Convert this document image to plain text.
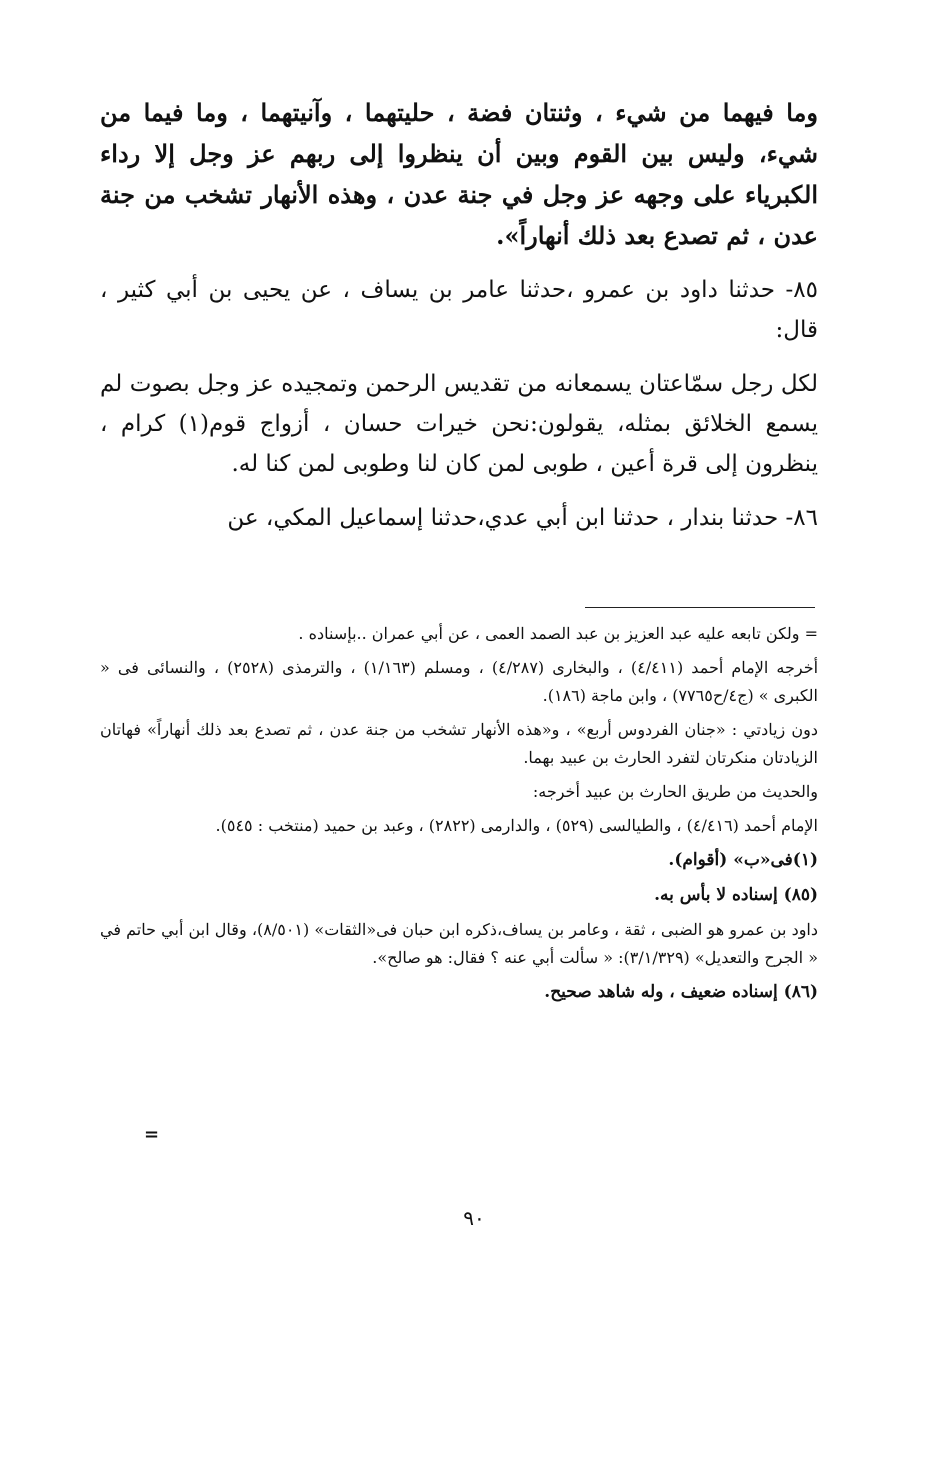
وما فيهما من شيء ، وثنتان فضة ، حليتهما ، وآنيتهما ، وما فيما من شيء، وليس بين القوم وبين أن ينظروا إلى ربهم عز وجل إلا رداء الكبرياء على وجهه عز وجل في جنة عدن ، وهذه الأنهار تشخب من جنة عدن ، ثم تصدع بعد ذلك أنهاراً».

٨٥- حدثنا داود بن عمرو ،حدثنا عامر بن يساف ، عن يحيى بن أبي كثير ، قال:

لكل رجل سمّاعتان يسمعانه من تقديس الرحمن وتمجيده عز وجل بصوت لم يسمع الخلائق بمثله، يقولون:نحن خيرات حسان ، أزواج قوم(١) كرام ، ينظرون إلى قرة أعين ، طوبى لمن كان لنا وطوبى لمن كنا له.

٨٦- حدثنا بندار ، حدثنا ابن أبي عدي،حدثنا إسماعيل المكي، عن

= ولكن تابعه عليه عبد العزيز بن عبد الصمد العمى ، عن أبي عمران ..بإسناده .

أخرجه الإمام أحمد (٤/٤١١) ، والبخارى (٤/٢٨٧) ، ومسلم (١/١٦٣) ، والترمذى (٢٥٢٨) ، والنسائى فى « الكبرى » (ج٤/ح٧٧٦٥) ، وابن ماجة (١٨٦).

دون زيادتي : «جنان الفردوس أربع» ، و«هذه الأنهار تشخب من جنة عدن ، ثم تصدع بعد ذلك أنهاراً» فهاتان الزيادتان منكرتان لتفرد الحارث بن عبيد بهما.

والحديث من طريق الحارث بن عبيد أخرجه:

الإمام أحمد (٤/٤١٦) ، والطيالسى (٥٢٩) ، والدارمى (٢٨٢٢) ، وعبد بن حميد (منتخب : ٥٤٥).

(١)فى«ب» (أقوام).

(٨٥) إسناده لا بأس به.

داود بن عمرو هو الضبى ، ثقة ، وعامر بن يساف،ذكره ابن حبان فى«الثقات» (٨/٥٠١)، وقال ابن أبي حاتم في « الجرح والتعديل» (٣/١/٣٢٩): « سألت أبي عنه ؟ فقال: هو صالح».

(٨٦) إسناده ضعيف ، وله شاهد صحيح.

=
٩٠
